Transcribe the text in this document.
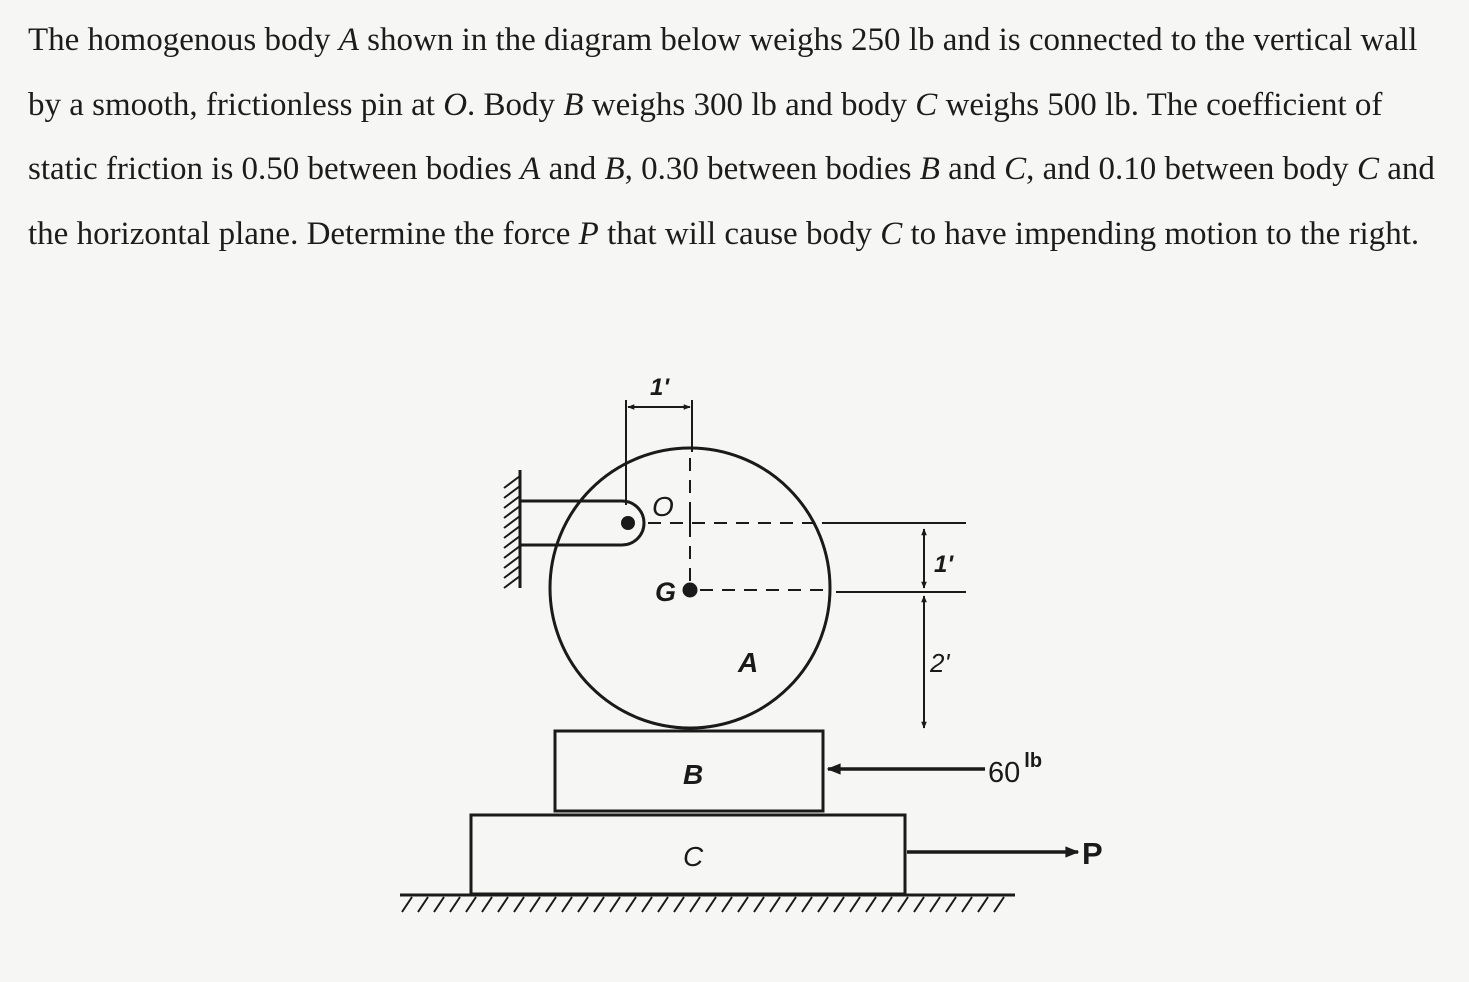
The homogenous body A shown in the diagram below weighs 250 lb and is connected to the vertical wall by a smooth, frictionless pin at O. Body B weighs 300 lb and body C weighs 500 lb. The coefficient of static friction is 0.50 between bodies A and B, 0.30 between bodies B and C, and 0.10 between body C and the horizontal plane. Determine the force P that will cause body C to have impending motion to the right.

1'
O
G
A
1'
2'
B	60 $^{lb}$
C	P
